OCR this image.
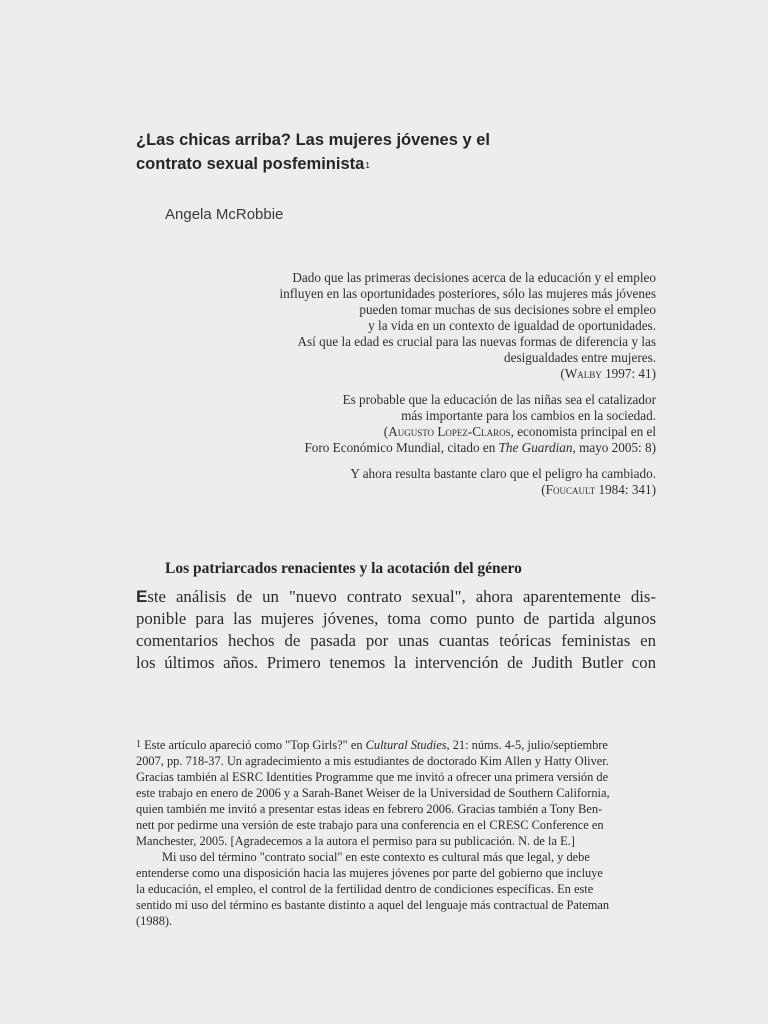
¿Las chicas arriba? Las mujeres jóvenes y el
contrato sexual posfeminista$^1$
Angela McRobbie
Dado que las primeras decisiones acerca de la educación y el empleo
influyen en las oportunidades posteriores, sólo las mujeres más jóvenes
pueden tomar muchas de sus decisiones sobre el empleo
y la vida en un contexto de igualdad de oportunidades.
Así que la edad es crucial para las nuevas formas de diferencia y las
desigualdades entre mujeres.
(Walby 1997: 41)
Es probable que la educación de las niñas sea el catalizador
más importante para los cambios en la sociedad.
(Augusto Lopez-Claros, economista principal en el
Foro Económico Mundial, citado en The Guardian, mayo 2005: 8)
Y ahora resulta bastante claro que el peligro ha cambiado.
(Foucault 1984: 341)
Los patriarcados renacientes y la acotación del género
Este análisis de un "nuevo contrato sexual", ahora aparentemente dis-
ponible para las mujeres jóvenes, toma como punto de partida algunos
comentarios hechos de pasada por unas cuantas teóricas feministas en
los últimos años. Primero tenemos la intervención de Judith Butler con
$^1$ Este artículo apareció como "Top Girls?" en Cultural Studies, 21: núms. 4-5, julio/septiembre
2007, pp. 718-37. Un agradecimiento a mis estudiantes de doctorado Kim Allen y Hatty Oliver.
Gracias también al ESRC Identities Programme que me invitó a ofrecer una primera versión de
este trabajo en enero de 2006 y a Sarah-Banet Weiser de la Universidad de Southern California,
quien también me invitó a presentar estas ideas en febrero 2006. Gracias también a Tony Ben-
nett por pedirme una versión de este trabajo para una conferencia en el CRESC Conference en
Manchester, 2005. [Agradecemos a la autora el permiso para su publicación. N. de la E.]
Mi uso del término "contrato social" en este contexto es cultural más que legal, y debe
entenderse como una disposición hacia las mujeres jóvenes por parte del gobierno que incluye
la educación, el empleo, el control de la fertilidad dentro de condiciones específicas. En este
sentido mi uso del término es bastante distinto a aquel del lenguaje más contractual de Pateman
(1988).
